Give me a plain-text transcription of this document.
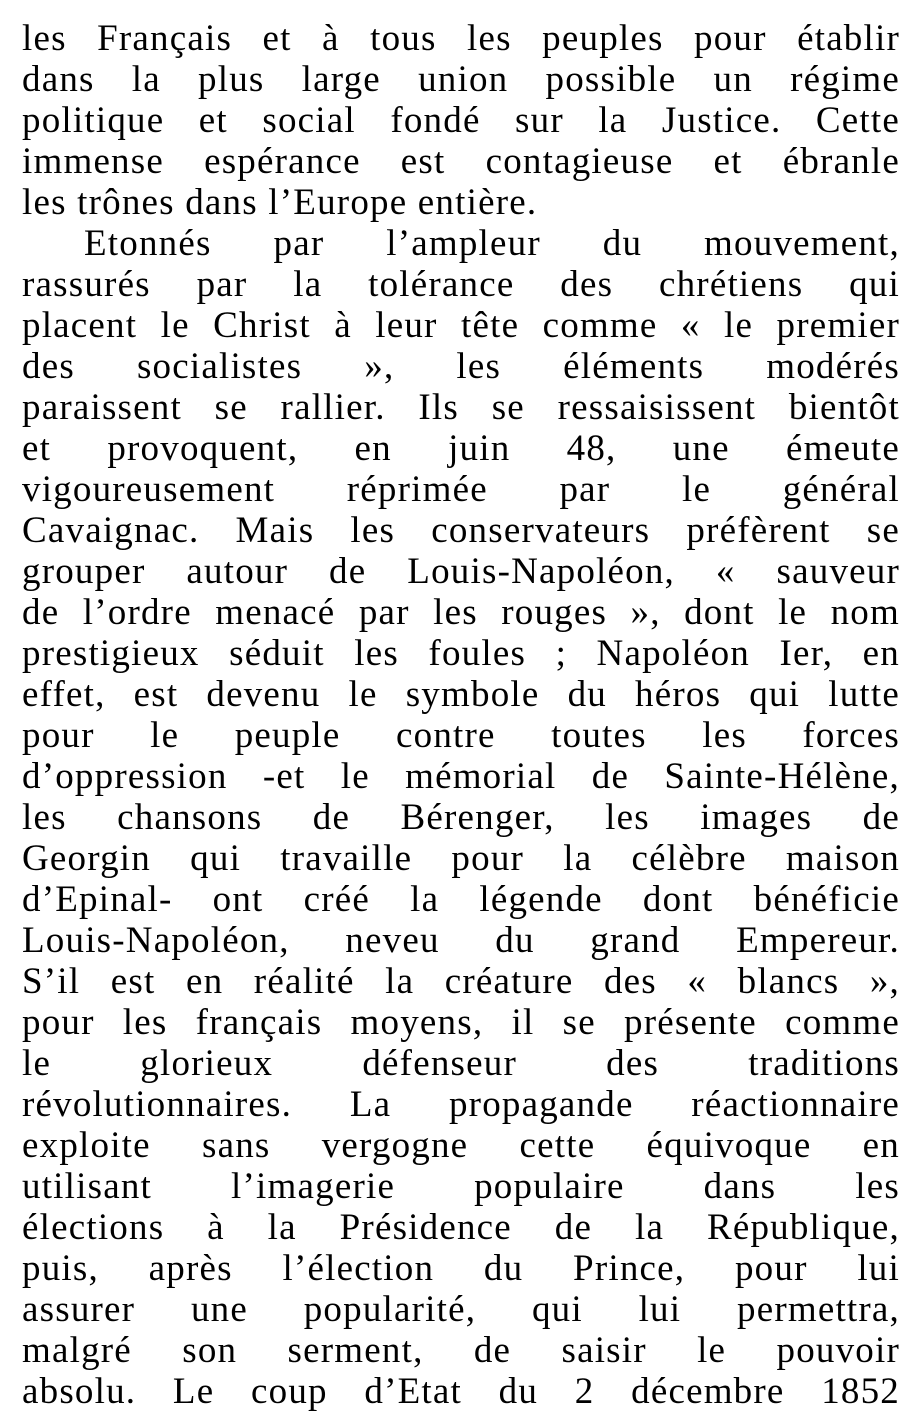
les Français et à tous les peuples pour établir
dans la plus large union possible un régime
politique et social fondé sur la Justice. Cette
immense espérance est contagieuse et ébranle
les trônes dans l’Europe entière.
Etonnés par l’ampleur du mouvement,
rassurés par la tolérance des chrétiens qui
placent le Christ à leur tête comme « le premier
des socialistes », les éléments modérés
paraissent se rallier. Ils se ressaisissent bientôt
et provoquent, en juin 48, une émeute
vigoureusement réprimée par le général
Cavaignac. Mais les conservateurs préfèrent se
grouper autour de Louis-Napoléon, « sauveur
de l’ordre menacé par les rouges », dont le nom
prestigieux séduit les foules ; Napoléon Ier, en
effet, est devenu le symbole du héros qui lutte
pour le peuple contre toutes les forces
d’oppression -et le mémorial de Sainte-Hélène,
les chansons de Bérenger, les images de
Georgin qui travaille pour la célèbre maison
d’Epinal- ont créé la légende dont bénéficie
Louis-Napoléon, neveu du grand Empereur.
S’il est en réalité la créature des « blancs »,
pour les français moyens, il se présente comme
le glorieux défenseur des traditions
révolutionnaires. La propagande réactionnaire
exploite sans vergogne cette équivoque en
utilisant l’imagerie populaire dans les
élections à la Présidence de la République,
puis, après l’élection du Prince, pour lui
assurer une popularité, qui lui permettra,
malgré son serment, de saisir le pouvoir
absolu. Le coup d’Etat du 2 décembre 1852
